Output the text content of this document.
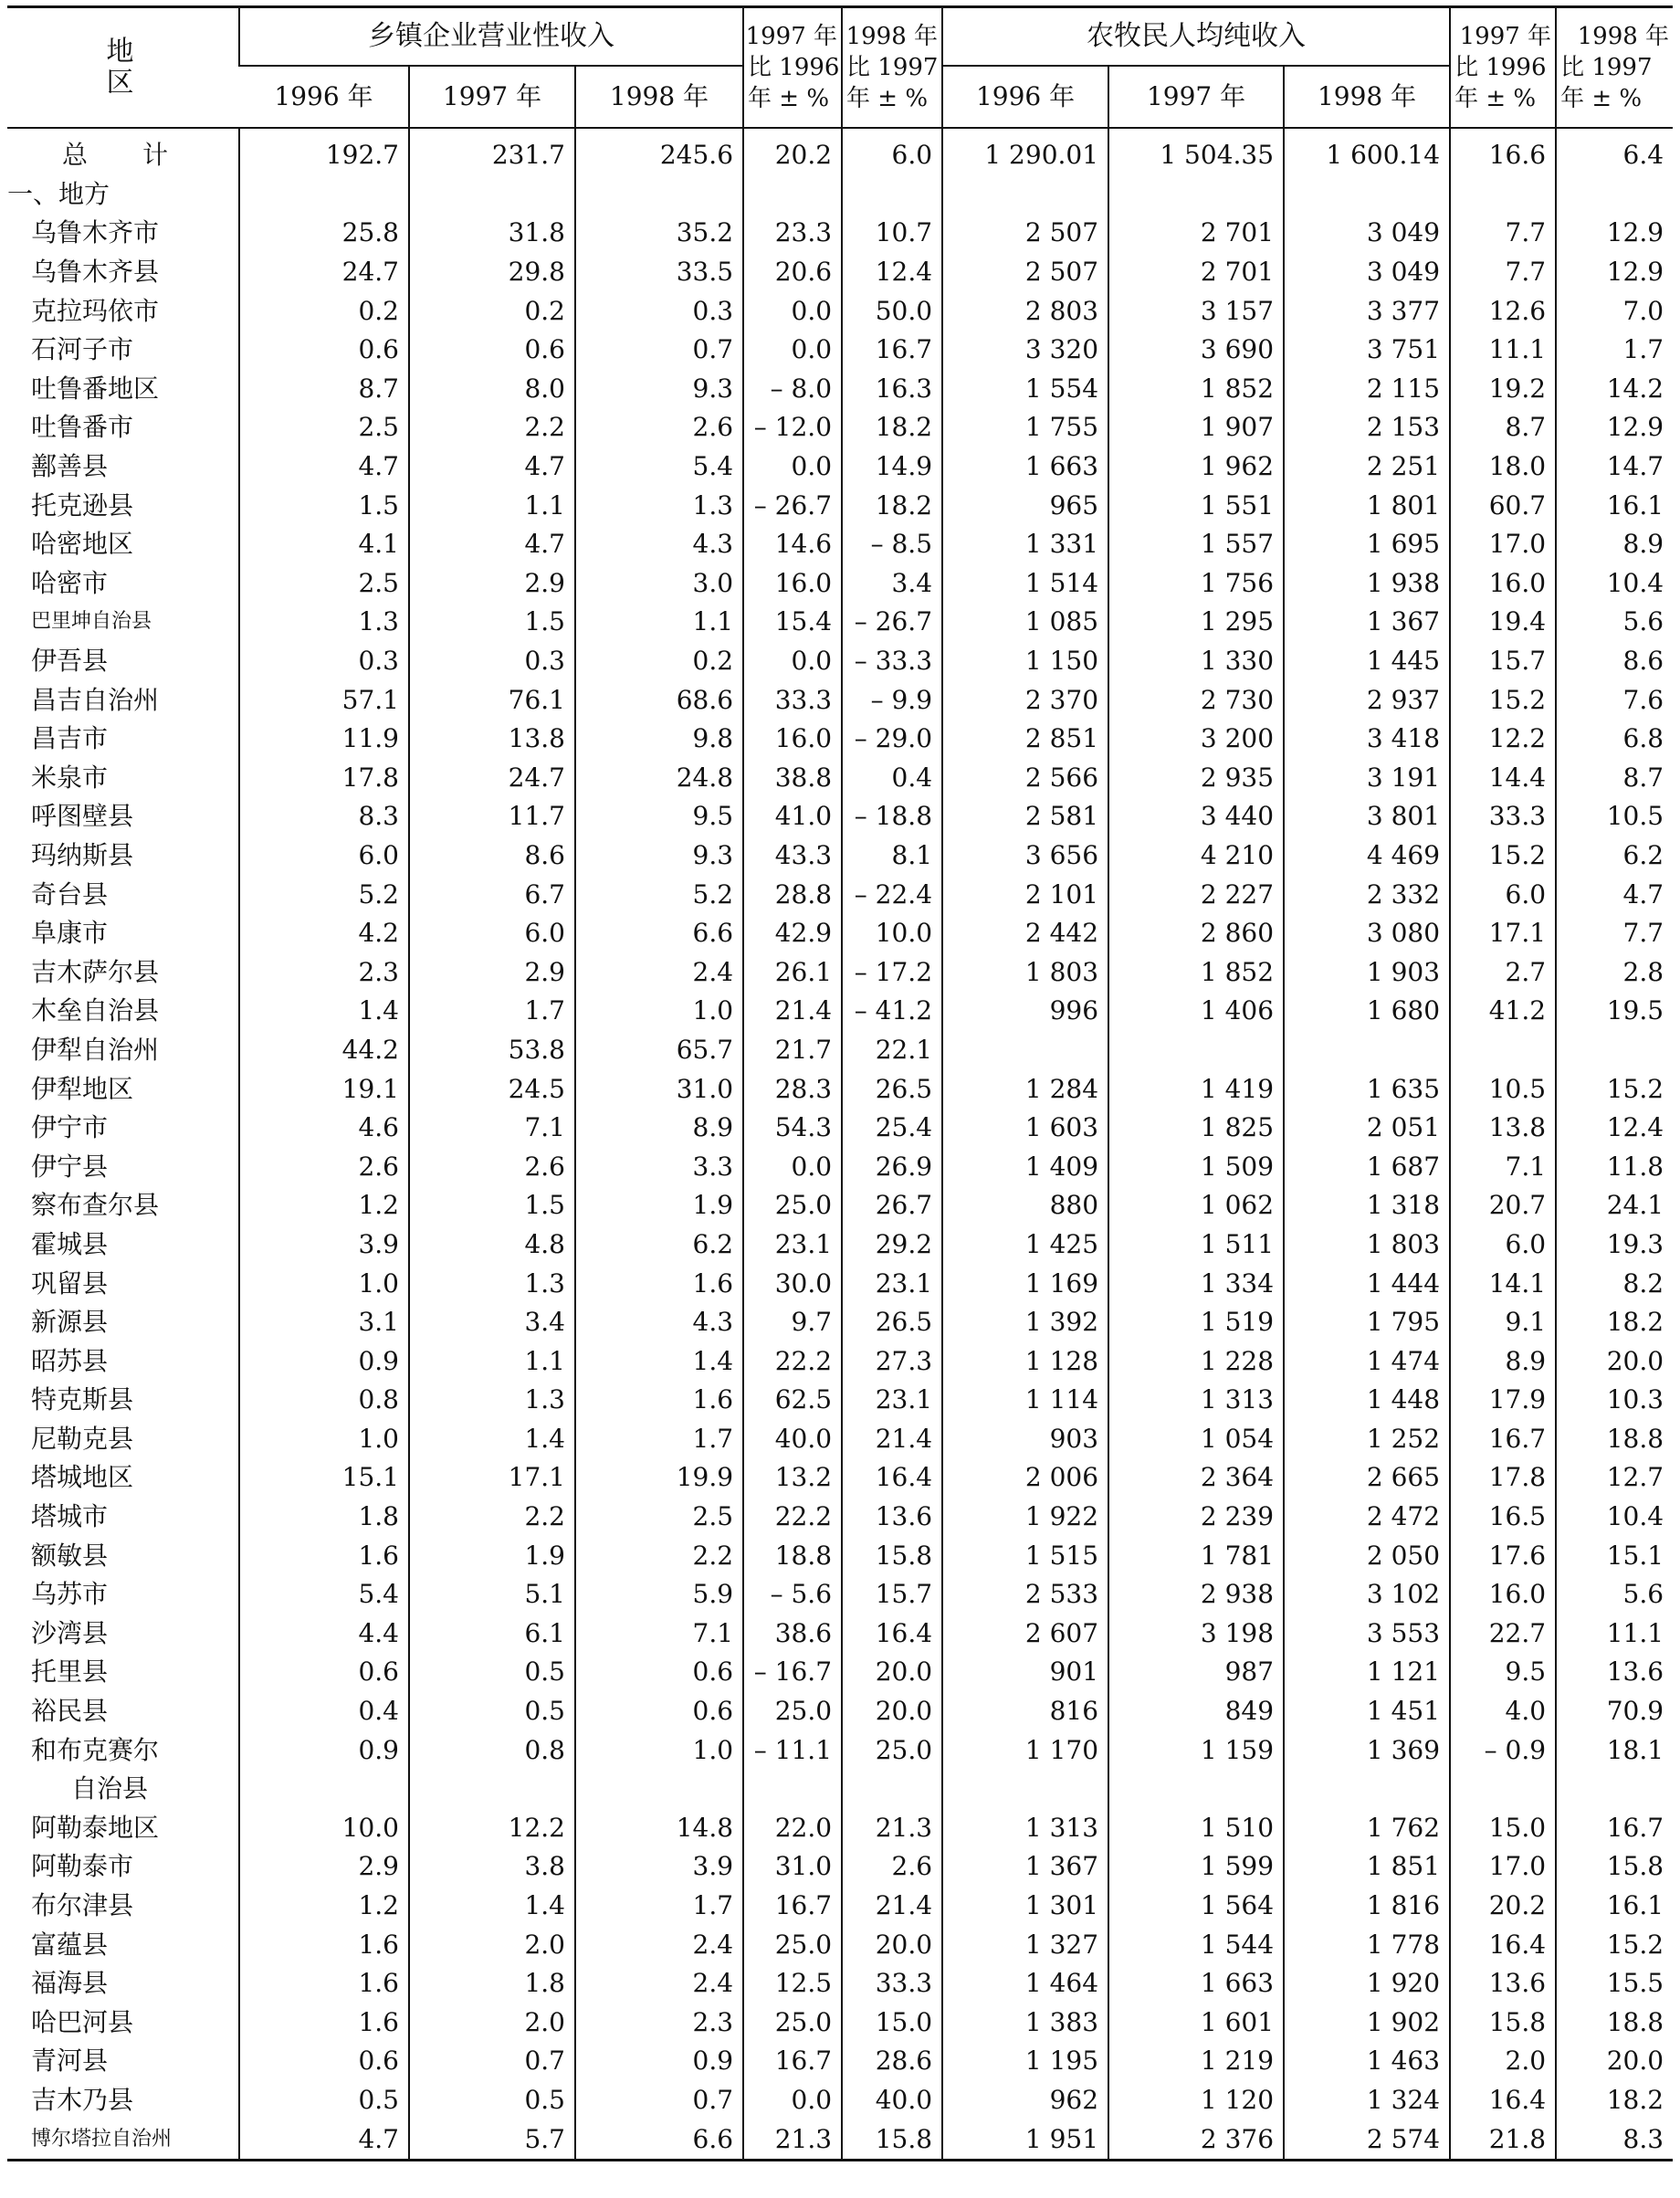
地　区	乡镇企业营业性收入			1997 年
比 1996
年 ± %	1998 年
比 1997
年 ± %	农牧民人均纯收入			1997 年
比 1996
年 ± %	1998 年
比 1997
年 ± %

	1996 年	1997 年	1998 年			1996 年	1997 年	1998 年		
总计	192.7	231.7	245.6	20.2	6.0	1 290.01	1 504.35	1 600.14	16.6	6.4
一、地方										
乌鲁木齐市	25.8	31.8	35.2	23.3	10.7	2 507	2 701	3 049	7.7	12.9
乌鲁木齐县	24.7	29.8	33.5	20.6	12.4	2 507	2 701	3 049	7.7	12.9
克拉玛依市	0.2	0.2	0.3	0.0	50.0	2 803	3 157	3 377	12.6	7.0
石河子市	0.6	0.6	0.7	0.0	16.7	3 320	3 690	3 751	11.1	1.7
吐鲁番地区	8.7	8.0	9.3	– 8.0	16.3	1 554	1 852	2 115	19.2	14.2
吐鲁番市	2.5	2.2	2.6	– 12.0	18.2	1 755	1 907	2 153	8.7	12.9
鄯善县	4.7	4.7	5.4	0.0	14.9	1 663	1 962	2 251	18.0	14.7
托克逊县	1.5	1.1	1.3	– 26.7	18.2	965	1 551	1 801	60.7	16.1
哈密地区	4.1	4.7	4.3	14.6	– 8.5	1 331	1 557	1 695	17.0	8.9
哈密市	2.5	2.9	3.0	16.0	3.4	1 514	1 756	1 938	16.0	10.4
巴里坤自治县	1.3	1.5	1.1	15.4	– 26.7	1 085	1 295	1 367	19.4	5.6
伊吾县	0.3	0.3	0.2	0.0	– 33.3	1 150	1 330	1 445	15.7	8.6
昌吉自治州	57.1	76.1	68.6	33.3	– 9.9	2 370	2 730	2 937	15.2	7.6
昌吉市	11.9	13.8	9.8	16.0	– 29.0	2 851	3 200	3 418	12.2	6.8
米泉市	17.8	24.7	24.8	38.8	0.4	2 566	2 935	3 191	14.4	8.7
呼图壁县	8.3	11.7	9.5	41.0	– 18.8	2 581	3 440	3 801	33.3	10.5
玛纳斯县	6.0	8.6	9.3	43.3	8.1	3 656	4 210	4 469	15.2	6.2
奇台县	5.2	6.7	5.2	28.8	– 22.4	2 101	2 227	2 332	6.0	4.7
阜康市	4.2	6.0	6.6	42.9	10.0	2 442	2 860	3 080	17.1	7.7
吉木萨尔县	2.3	2.9	2.4	26.1	– 17.2	1 803	1 852	1 903	2.7	2.8
木垒自治县	1.4	1.7	1.0	21.4	– 41.2	996	1 406	1 680	41.2	19.5
伊犁自治州	44.2	53.8	65.7	21.7	22.1					
伊犁地区	19.1	24.5	31.0	28.3	26.5	1 284	1 419	1 635	10.5	15.2
伊宁市	4.6	7.1	8.9	54.3	25.4	1 603	1 825	2 051	13.8	12.4
伊宁县	2.6	2.6	3.3	0.0	26.9	1 409	1 509	1 687	7.1	11.8
察布查尔县	1.2	1.5	1.9	25.0	26.7	880	1 062	1 318	20.7	24.1
霍城县	3.9	4.8	6.2	23.1	29.2	1 425	1 511	1 803	6.0	19.3
巩留县	1.0	1.3	1.6	30.0	23.1	1 169	1 334	1 444	14.1	8.2
新源县	3.1	3.4	4.3	9.7	26.5	1 392	1 519	1 795	9.1	18.2
昭苏县	0.9	1.1	1.4	22.2	27.3	1 128	1 228	1 474	8.9	20.0
特克斯县	0.8	1.3	1.6	62.5	23.1	1 114	1 313	1 448	17.9	10.3
尼勒克县	1.0	1.4	1.7	40.0	21.4	903	1 054	1 252	16.7	18.8
塔城地区	15.1	17.1	19.9	13.2	16.4	2 006	2 364	2 665	17.8	12.7
塔城市	1.8	2.2	2.5	22.2	13.6	1 922	2 239	2 472	16.5	10.4
额敏县	1.6	1.9	2.2	18.8	15.8	1 515	1 781	2 050	17.6	15.1
乌苏市	5.4	5.1	5.9	– 5.6	15.7	2 533	2 938	3 102	16.0	5.6
沙湾县	4.4	6.1	7.1	38.6	16.4	2 607	3 198	3 553	22.7	11.1
托里县	0.6	0.5	0.6	– 16.7	20.0	901	987	1 121	9.5	13.6
裕民县	0.4	0.5	0.6	25.0	20.0	816	849	1 451	4.0	70.9
和布克赛尔	0.9	0.8	1.0	– 11.1	25.0	1 170	1 159	1 369	– 0.9	18.1
自治县										
阿勒泰地区	10.0	12.2	14.8	22.0	21.3	1 313	1 510	1 762	15.0	16.7
阿勒泰市	2.9	3.8	3.9	31.0	2.6	1 367	1 599	1 851	17.0	15.8
布尔津县	1.2	1.4	1.7	16.7	21.4	1 301	1 564	1 816	20.2	16.1
富蕴县	1.6	2.0	2.4	25.0	20.0	1 327	1 544	1 778	16.4	15.2
福海县	1.6	1.8	2.4	12.5	33.3	1 464	1 663	1 920	13.6	15.5
哈巴河县	1.6	2.0	2.3	25.0	15.0	1 383	1 601	1 902	15.8	18.8
青河县	0.6	0.7	0.9	16.7	28.6	1 195	1 219	1 463	2.0	20.0
吉木乃县	0.5	0.5	0.7	0.0	40.0	962	1 120	1 324	16.4	18.2
博尔塔拉自治州	4.7	5.7	6.6	21.3	15.8	1 951	2 376	2 574	21.8	8.3
